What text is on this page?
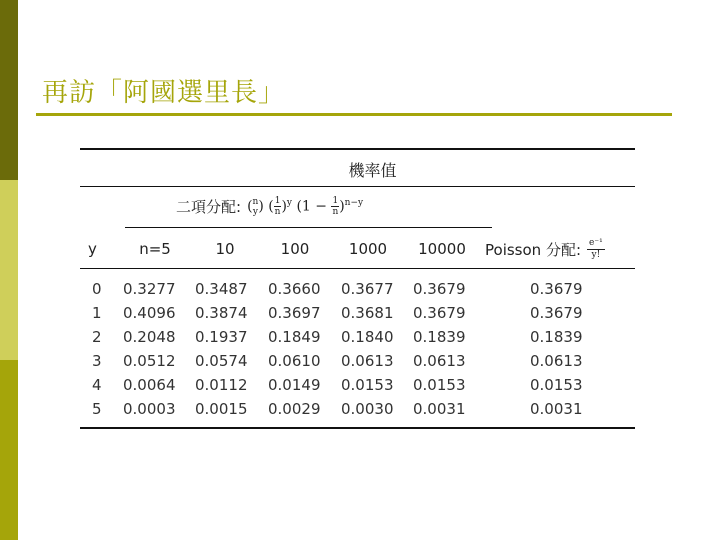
再訪「阿國選里長」
機率值
二項分配: ( n
y ) ( $\frac{1}{n} )^y$ $(1 - \frac{1}{n} )^{n-y}$
y	n=5	10	100	1000	10000	Poisson 分配: $\frac{\text{e⁻¹}}{y!}$
0 0.3277 0.3487 0.3660 0.3677 0.3679	0.3679
1 0.4096 0.3874 0.3697 0.3681 0.3679	0.3679
2 0.2048 0.1937 0.1849 0.1840 0.1839	0.1839
3 0.0512 0.0574 0.0610 0.0613 0.0613	0.0613
4 0.0064 0.0112 0.0149 0.0153 0.0153	0.0153
5 0.0003 0.0015 0.0029 0.0030 0.0031	0.0031
